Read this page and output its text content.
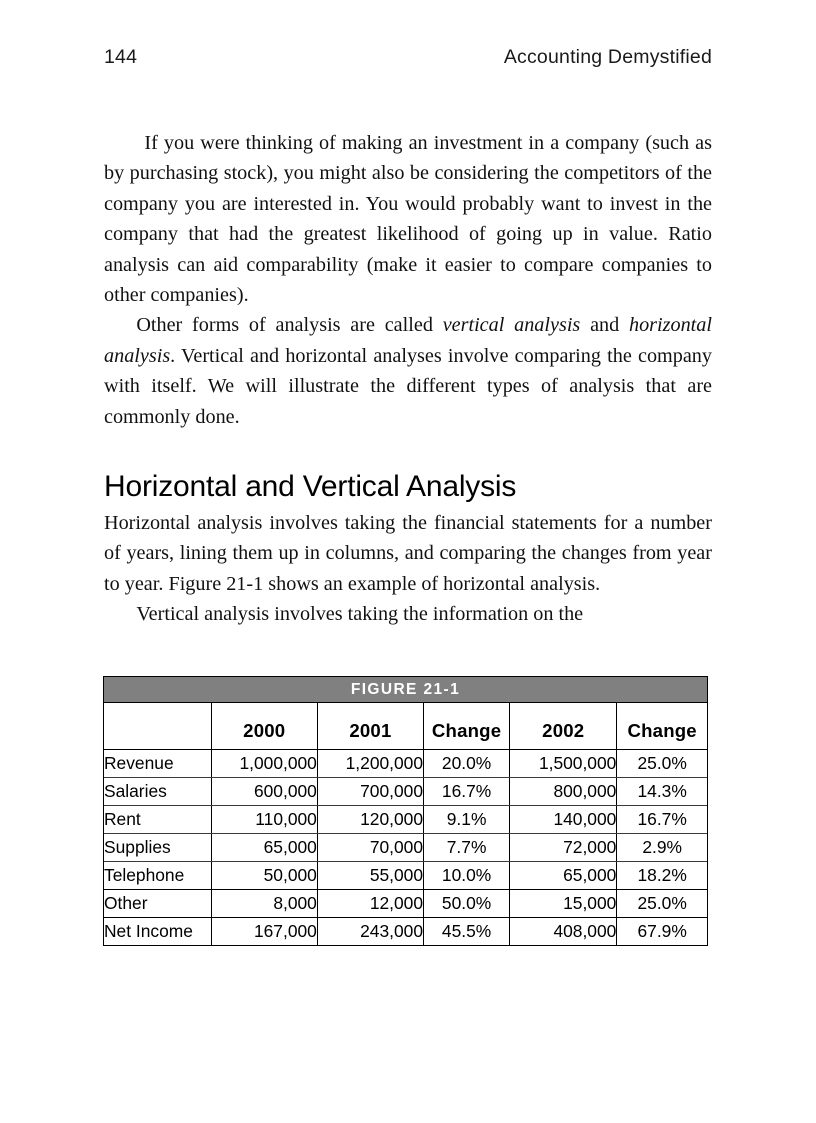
144	Accounting Demystified

If you were thinking of making an investment in a company (such as by purchasing stock), you might also be considering the competitors of the company you are interested in. You would probably want to invest in the company that had the greatest likelihood of going up in value. Ratio analysis can aid comparability (make it easier to compare companies to other companies).

Other forms of analysis are called vertical analysis and horizontal analysis. Vertical and horizontal analyses involve comparing the company with itself. We will illustrate the different types of analysis that are commonly done.

Horizontal and Vertical Analysis

Horizontal analysis involves taking the financial statements for a number of years, lining them up in columns, and comparing the changes from year to year. Figure 21-1 shows an example of horizontal analysis.

Vertical analysis involves taking the information on the

FIGURE 21-1
	2000	2001	Change	2002	Change
Revenue	1,000,000	1,200,000	20.0%	1,500,000	25.0%
Salaries	600,000	700,000	16.7%	800,000	14.3%
Rent	110,000	120,000	9.1%	140,000	16.7%
Supplies	65,000	70,000	7.7%	72,000	2.9%
Telephone	50,000	55,000	10.0%	65,000	18.2%
Other	8,000	12,000	50.0%	15,000	25.0%
Net Income	167,000	243,000	45.5%	408,000	67.9%
